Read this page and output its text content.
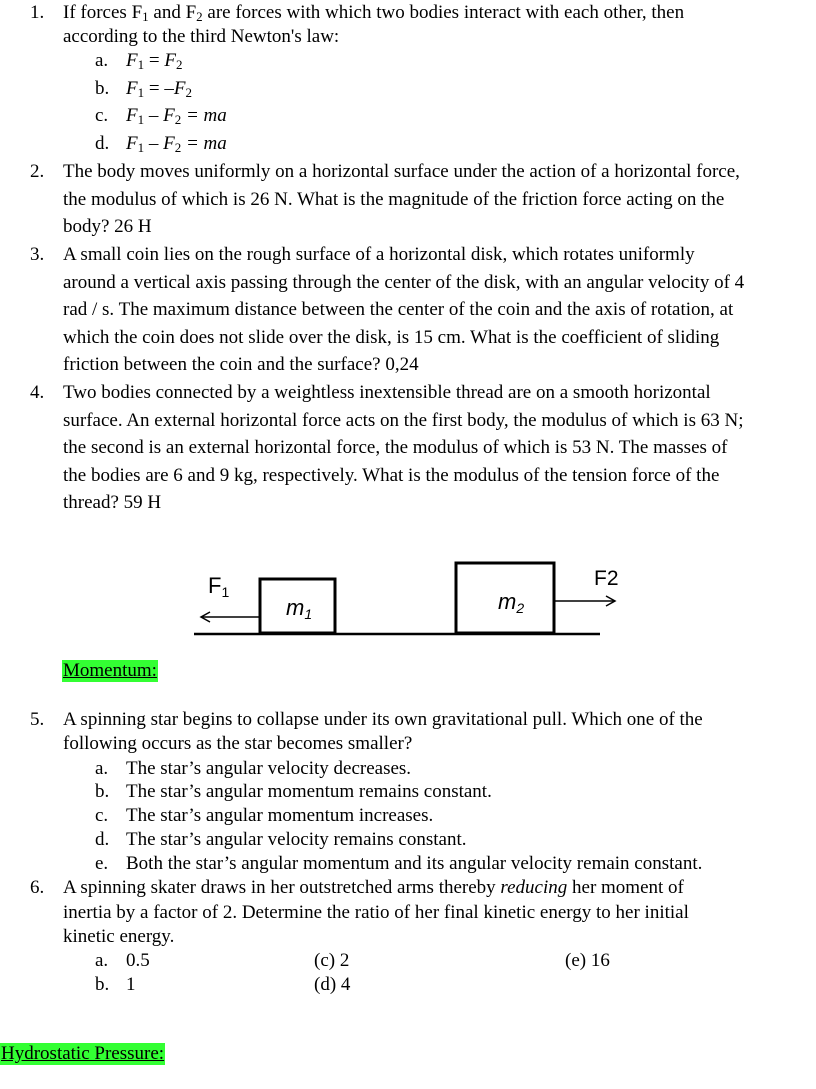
1. If forces $F_1$ and $F_2$ are forces with which two bodies interact with each other, then
according to the third Newton's law:
a. $F_1 = F_2$
b. $F_1 = -F_2$
c. $F_1 - F_2$ = ma
d. $F_1 - F_2$ = ma
2. The body moves uniformly on a horizontal surface under the action of a horizontal force,
the modulus of which is 26 N. What is the magnitude of the friction force acting on the
body? 26 H
3. A small coin lies on the rough surface of a horizontal disk, which rotates uniformly
around a vertical axis passing through the center of the disk, with an angular velocity of 4
rad / s. The maximum distance between the center of the coin and the axis of rotation, at
which the coin does not slide over the disk, is 15 cm. What is the coefficient of sliding
friction between the coin and the surface? 0,24
4. Two bodies connected by a weightless inextensible thread are on a smooth horizontal
surface. An external horizontal force acts on the first body, the modulus of which is 63 N;
the second is an external horizontal force, the modulus of which is 53 N. The masses of
the bodies are 6 and 9 kg, respectively. What is the modulus of the tension force of the
thread? 59 H
F1
F2
m1	m2
Momentum:
5. A spinning star begins to collapse under its own gravitational pull. Which one of the
following occurs as the star becomes smaller?
a. The star’s angular velocity decreases.
b. The star’s angular momentum remains constant.
c. The star’s angular momentum increases.
d. The star’s angular velocity remains constant.
e. Both the star’s angular momentum and its angular velocity remain constant.
6. A spinning skater draws in her outstretched arms thereby reducing her moment of
inertia by a factor of 2. Determine the ratio of her final kinetic energy to her initial
kinetic energy.
a. 0.5	(c) 2	(e) 16
b. 1	(d) 4
Hydrostatic Pressure:
